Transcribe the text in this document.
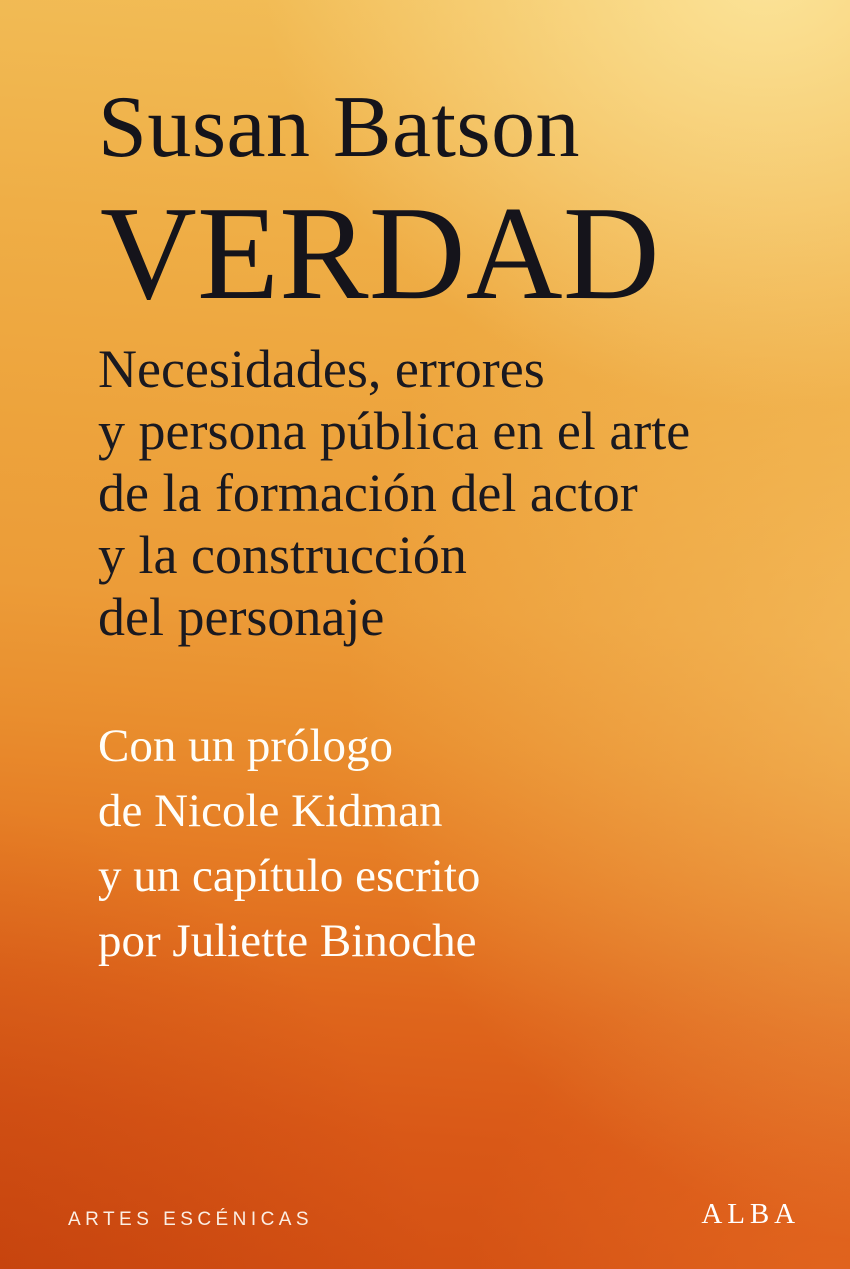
Susan Batson
VERDAD
Necesidades, errores
y persona pública en el arte
de la formación del actor
y la construcción
del personaje
Con un prólogo
de Nicole Kidman
y un capítulo escrito
por Juliette Binoche
ARTES ESCÉNICAS	ALBA
